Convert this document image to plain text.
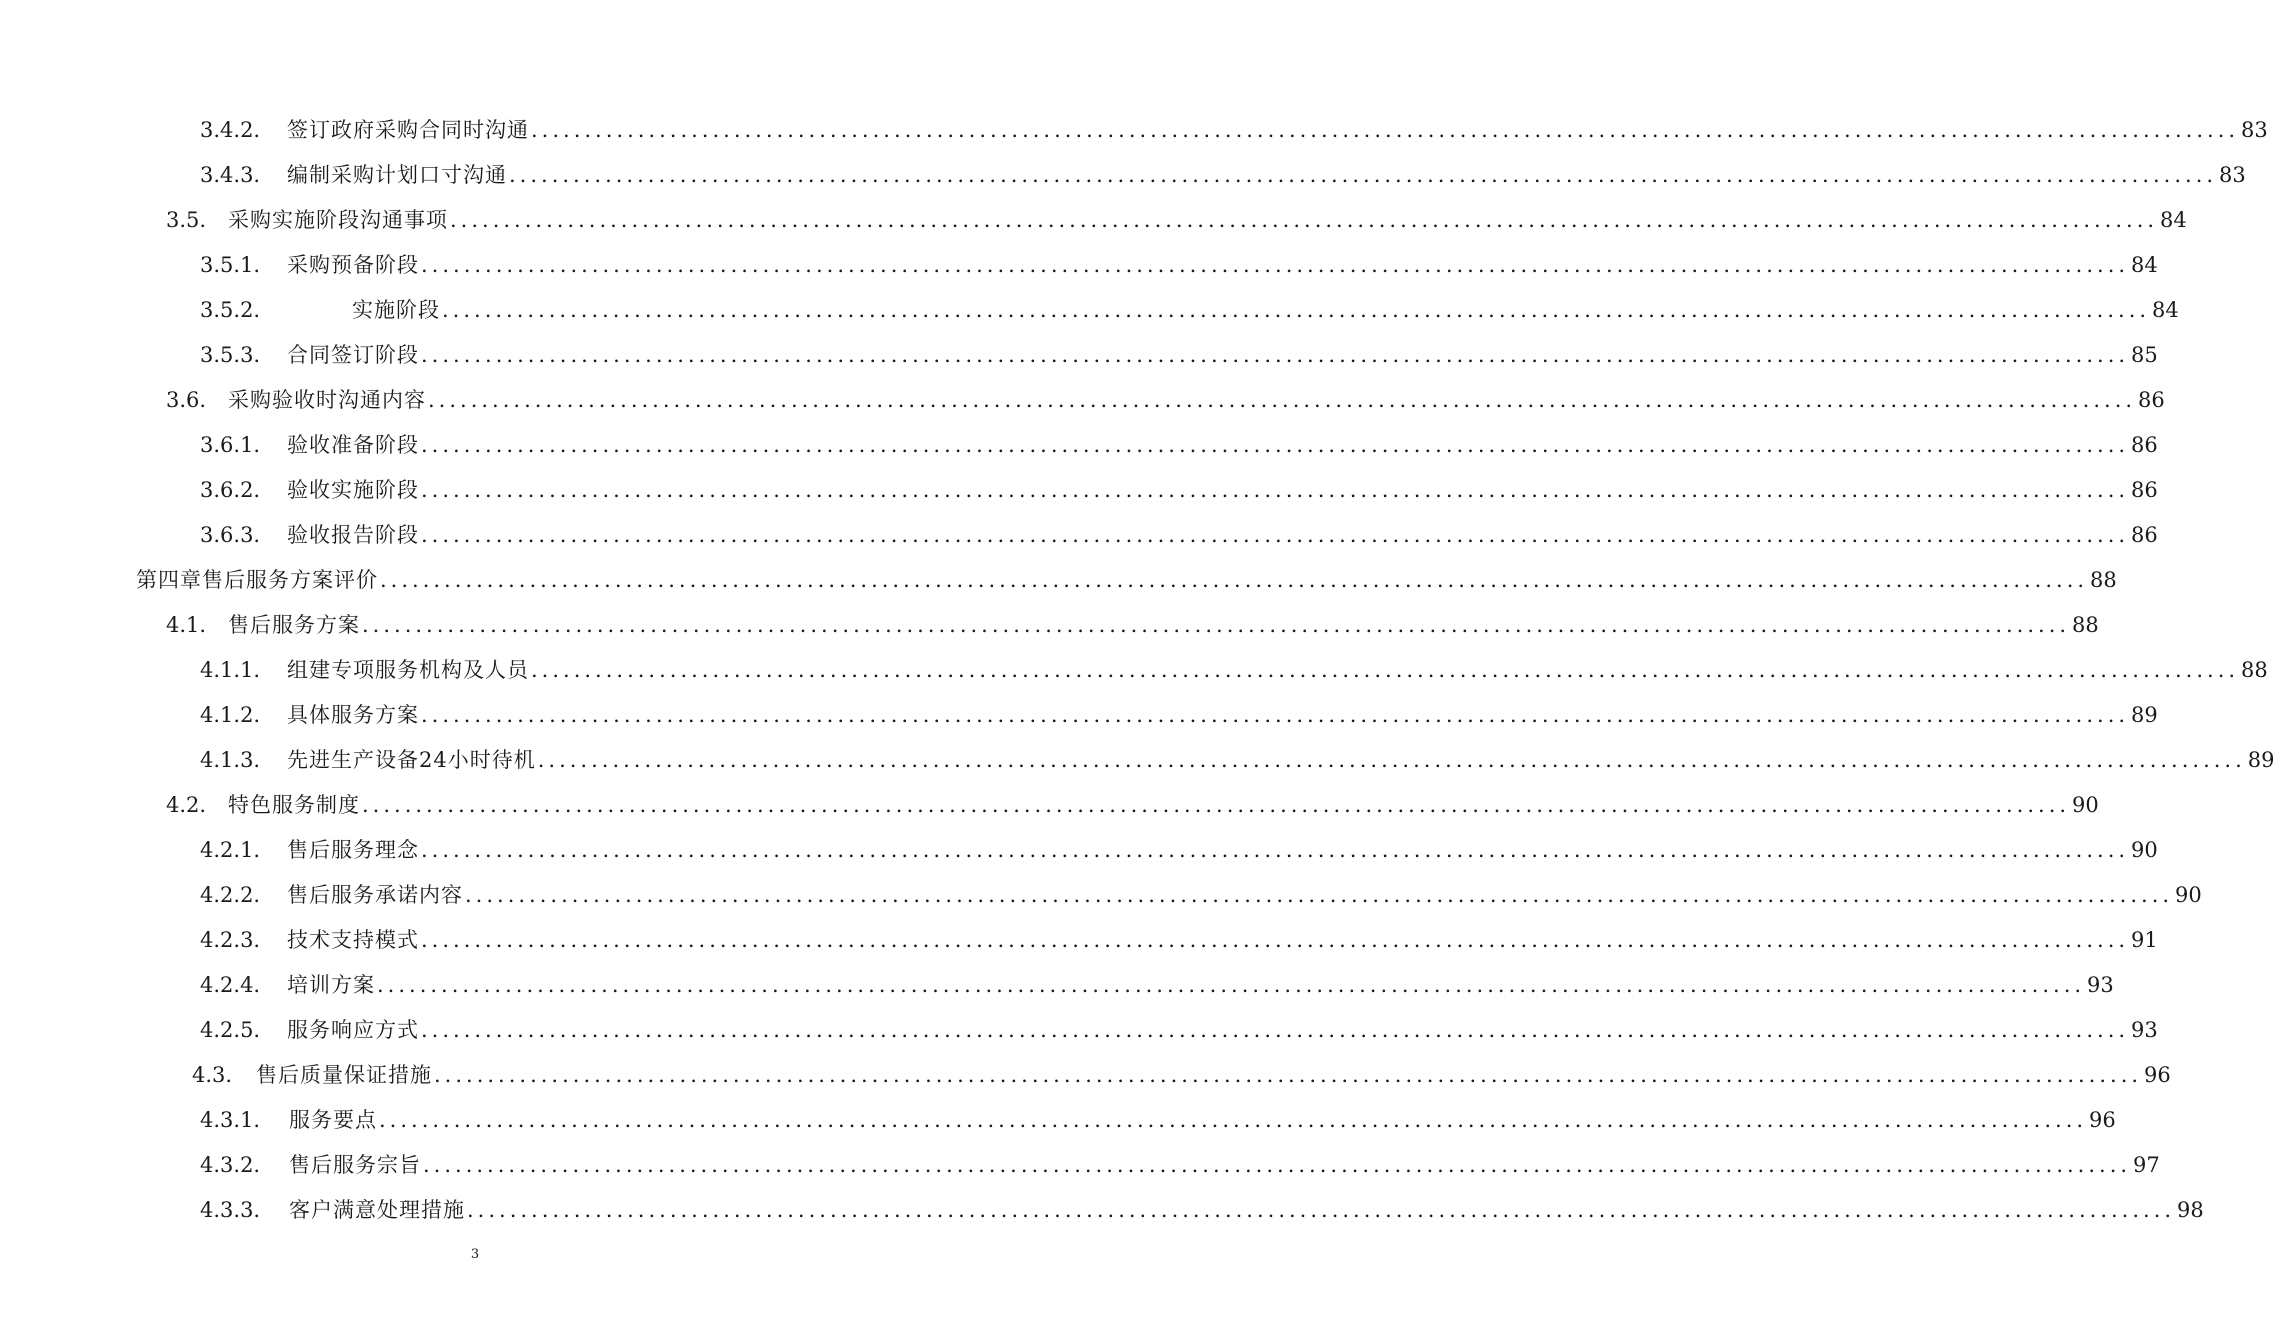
3.4.2.	签订政府采购合同时沟通 ................................................................................................................................................................ 83
3.4.3.	编制采购计划口寸沟通 ................................................................................................................................................................ 83
3.5.	采购实施阶段沟通事项 ................................................................................................................................................................ 84
3.5.1.	采购预备阶段 ................................................................................................................................................................ 84
3.5.2.	实施阶段 ................................................................................................................................................................ 84
3.5.3.	合同签订阶段 ................................................................................................................................................................ 85
3.6.	采购验收时沟通内容 ................................................................................................................................................................ 86
3.6.1.	验收准备阶段 ................................................................................................................................................................ 86
3.6.2.	验收实施阶段 ................................................................................................................................................................ 86
3.6.3.	验收报告阶段 ................................................................................................................................................................ 86
第四章售后服务方案评价 ................................................................................................................................................................ 88
4.1.	售后服务方案 ................................................................................................................................................................ 88
4.1.1.	组建专项服务机构及人员 ................................................................................................................................................................ 88
4.1.2.	具体服务方案 ................................................................................................................................................................ 89
4.1.3.	先进生产设备24小时待机 ................................................................................................................................................................ 89
4.2.	特色服务制度 ................................................................................................................................................................ 90
4.2.1.	售后服务理念 ................................................................................................................................................................ 90
4.2.2.	售后服务承诺内容 ................................................................................................................................................................ 90
4.2.3.	技术支持模式 ................................................................................................................................................................ 91
4.2.4.	培训方案 ................................................................................................................................................................ 93
4.2.5.	服务响应方式 ................................................................................................................................................................ 93
4.3.	售后质量保证措施 ................................................................................................................................................................ 96
4.3.1.	服务要点 ................................................................................................................................................................ 96
4.3.2.	售后服务宗旨 ................................................................................................................................................................ 97
4.3.3.	客户满意处理措施 ................................................................................................................................................................ 98
3
